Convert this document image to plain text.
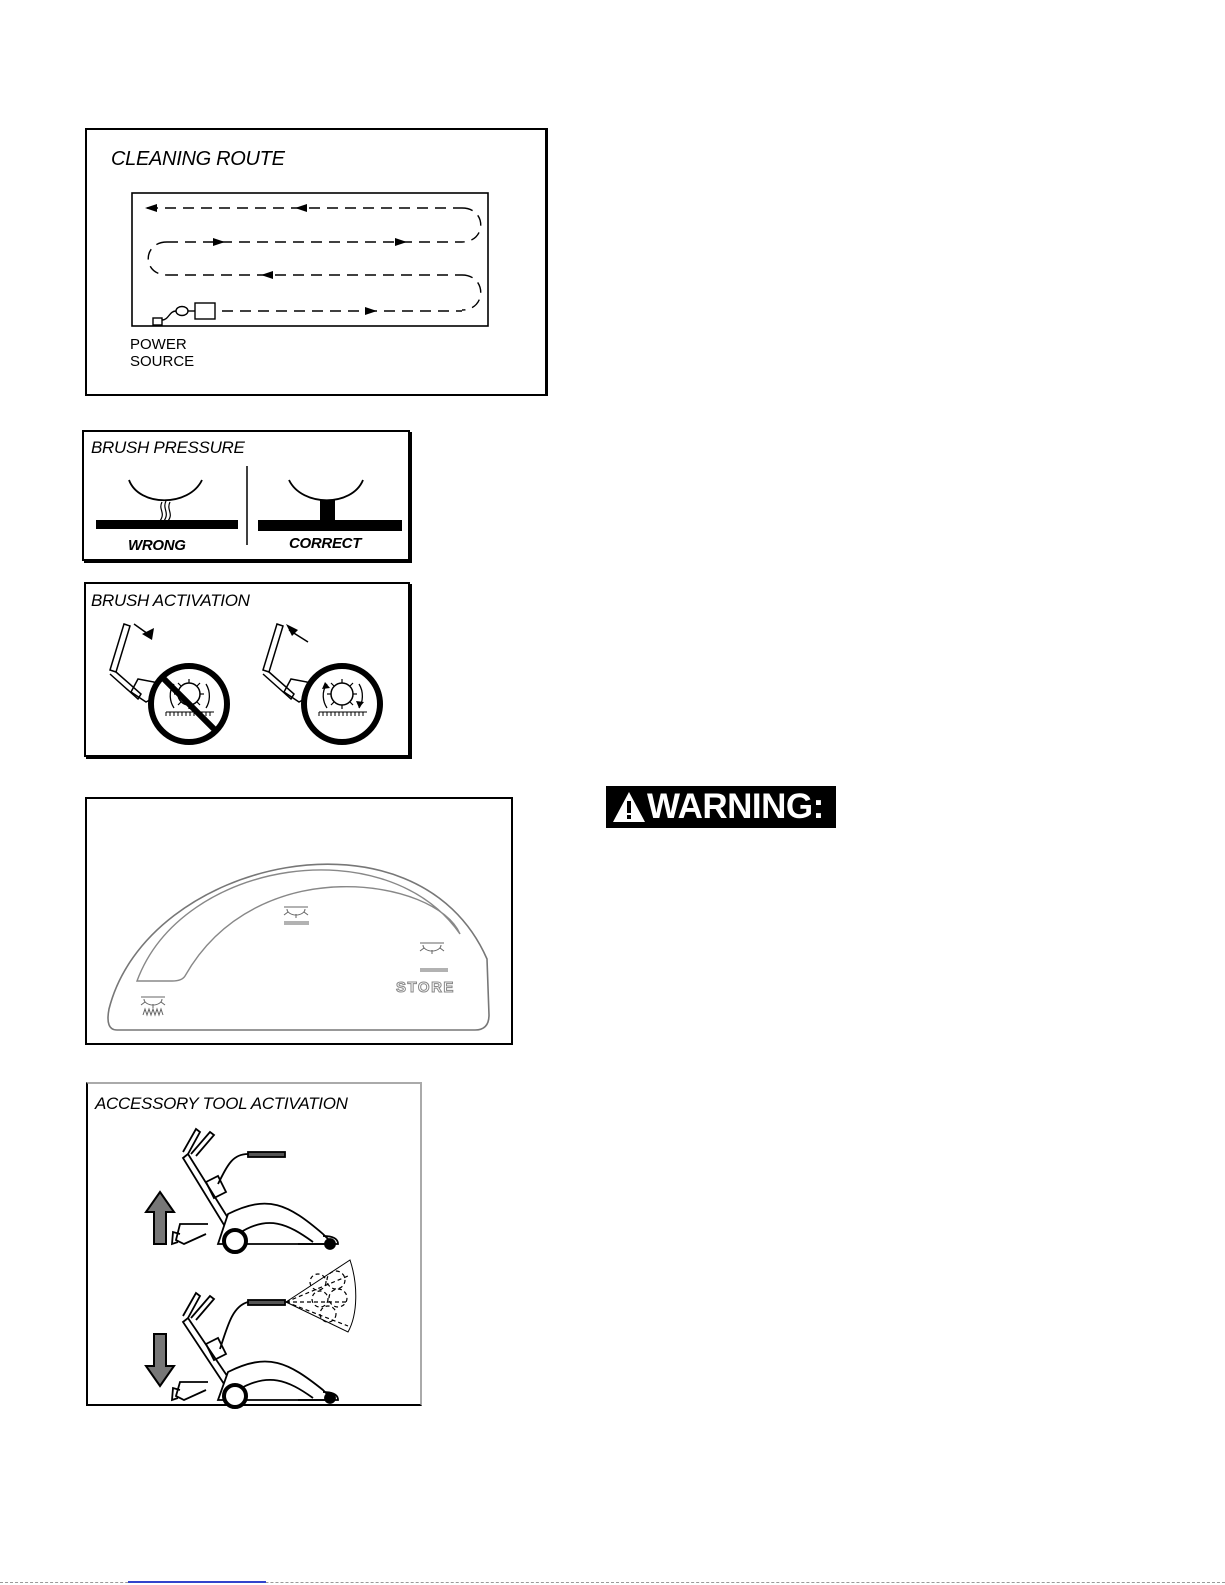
CLEANING ROUTE
POWER
SOURCE
BRUSH PRESSURE
WRONG	CORRECT
BRUSH ACTIVATION
STORE
WARNING:
ACCESSORY TOOL ACTIVATION
